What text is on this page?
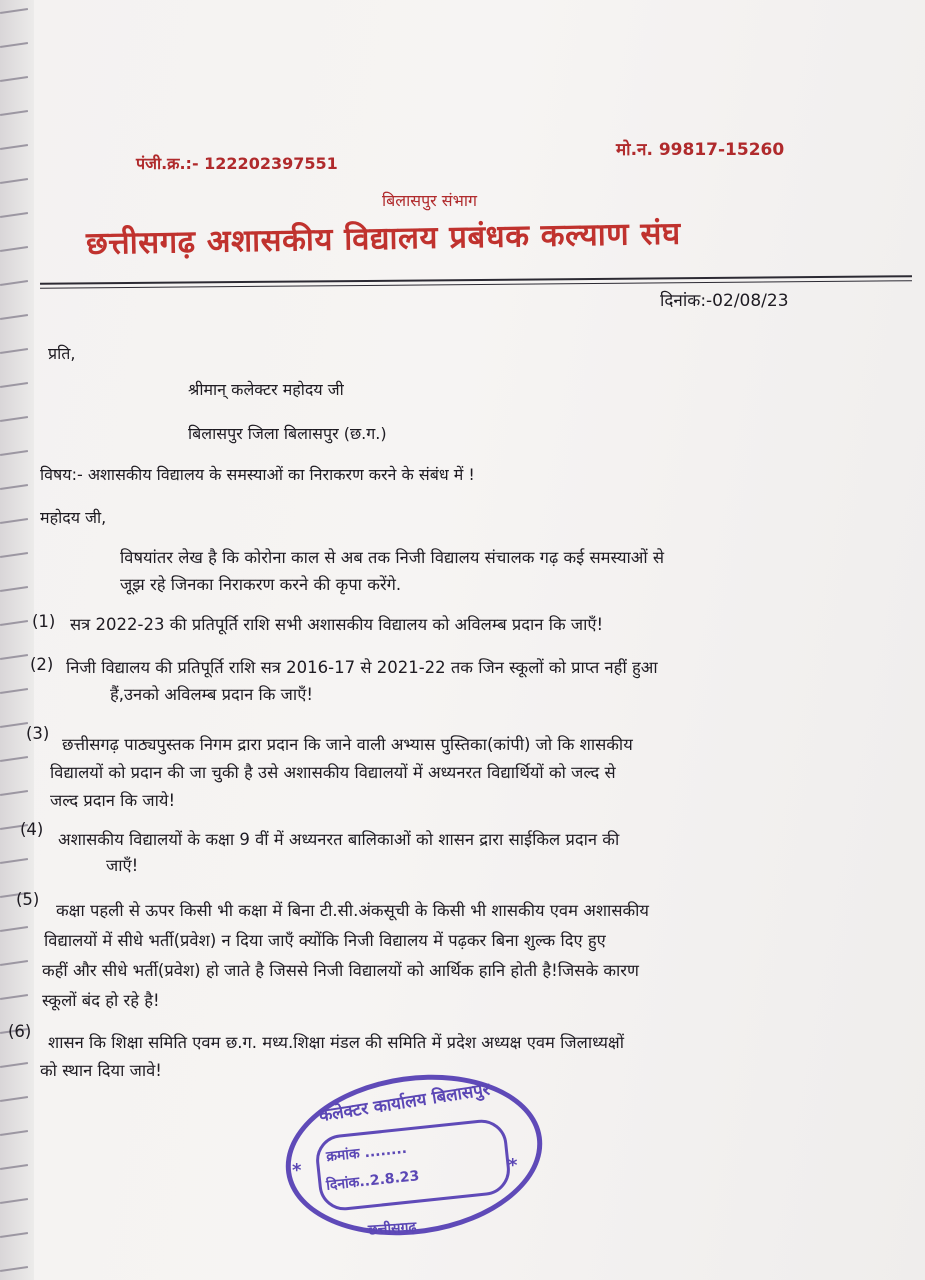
पंजी.क्र.:- 122202397551
मो.न. 99817-15260
बिलासपुर संभाग
छत्तीसगढ़ अशासकीय विद्यालय प्रबंधक कल्याण संघ
दिनांक:-02/08/23
प्रति,
श्रीमान् कलेक्टर महोदय जी
बिलासपुर जिला बिलासपुर (छ.ग.)
विषय:- अशासकीय विद्यालय के समस्याओं का निराकरण करने के संबंध में !
महोदय जी,
विषयांतर लेख है कि कोरोना काल से अब तक निजी विद्यालय संचालक गढ़ कई समस्याओं से
जूझ रहे जिनका निराकरण करने की कृपा करेंगे.
(1) सत्र 2022-23 की प्रतिपूर्ति राशि सभी अशासकीय विद्यालय को अविलम्ब प्रदान कि जाएँ!
(2) निजी विद्यालय की प्रतिपूर्ति राशि सत्र 2016-17 से 2021-22 तक जिन स्कूलों को प्राप्त नहीं हुआ
हैं,उनको अविलम्ब प्रदान कि जाएँ!
(3)
छत्तीसगढ़ पाठ्यपुस्तक निगम द्रारा प्रदान कि जाने वाली अभ्यास पुस्तिका(कांपी) जो कि शासकीय
विद्यालयों को प्रदान की जा चुकी है उसे अशासकीय विद्यालयों में अध्यनरत विद्यार्थियों को जल्द से
जल्द प्रदान कि जाये!
(4)
अशासकीय विद्यालयों के कक्षा 9 वीं में अध्यनरत बालिकाओं को शासन द्रारा साईकिल प्रदान की
जाएँ!
(5)
कक्षा पहली से ऊपर किसी भी कक्षा में बिना टी.सी.अंकसूची के किसी भी शासकीय एवम अशासकीय
विद्यालयों में सीधे भर्ती(प्रवेश) न दिया जाएँ क्योंकि निजी विद्यालय में पढ़कर बिना शुल्क दिए हुए
कहीं और सीधे भर्ती(प्रवेश) हो जाते है जिससे निजी विद्यालयों को आर्थिक हानि होती है!जिसके कारण
स्कूलों बंद हो रहे है!
(6)
शासन कि शिक्षा समिति एवम छ.ग. मध्य.शिक्षा मंडल की समिति में प्रदेश अध्यक्ष एवम जिलाध्यक्षों
को स्थान दिया जावे!
कलेक्टर कार्यालय बिलासपुर
क्रमांक ........
दिनांक..2.8.23
छत्तीसगढ़
*	*
